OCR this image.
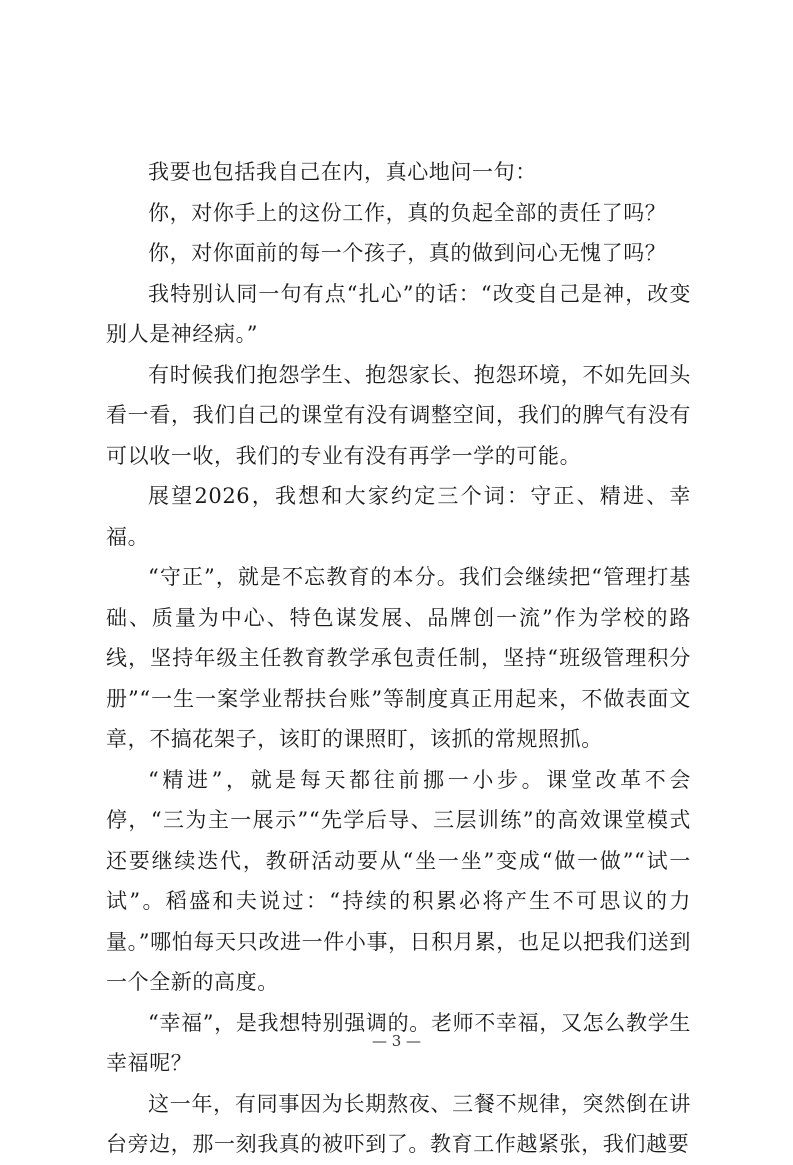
我要也包括我自己在内，真心地问一句：

你，对你手上的这份工作，真的负起全部的责任了吗？

你，对你面前的每一个孩子，真的做到问心无愧了吗？

我特别认同一句有点“扎心”的话：“改变自己是神，改变别人是神经病。”

有时候我们抱怨学生、抱怨家长、抱怨环境，不如先回头看一看，我们自己的课堂有没有调整空间，我们的脾气有没有可以收一收，我们的专业有没有再学一学的可能。

展望2026，我想和大家约定三个词：守正、精进、幸福。

“守正”，就是不忘教育的本分。我们会继续把“管理打基础、质量为中心、特色谋发展、品牌创一流”作为学校的路线，坚持年级主任教育教学承包责任制，坚持“班级管理积分册”“一生一案学业帮扶台账”等制度真正用起来，不做表面文章，不搞花架子，该盯的课照盯，该抓的常规照抓。

“精进”，就是每天都往前挪一小步。课堂改革不会停，“三为主一展示”“先学后导、三层训练”的高效课堂模式还要继续迭代，教研活动要从“坐一坐”变成“做一做”“试一试”。稻盛和夫说过：“持续的积累必将产生不可思议的力量。”哪怕每天只改进一件小事，日积月累，也足以把我们送到一个全新的高度。

“幸福”，是我想特别强调的。老师不幸福，又怎么教学生幸福呢？

这一年，有同事因为长期熬夜、三餐不规律，突然倒在讲台旁边，那一刻我真的被吓到了。教育工作越紧张，我们越要

— 3 —
